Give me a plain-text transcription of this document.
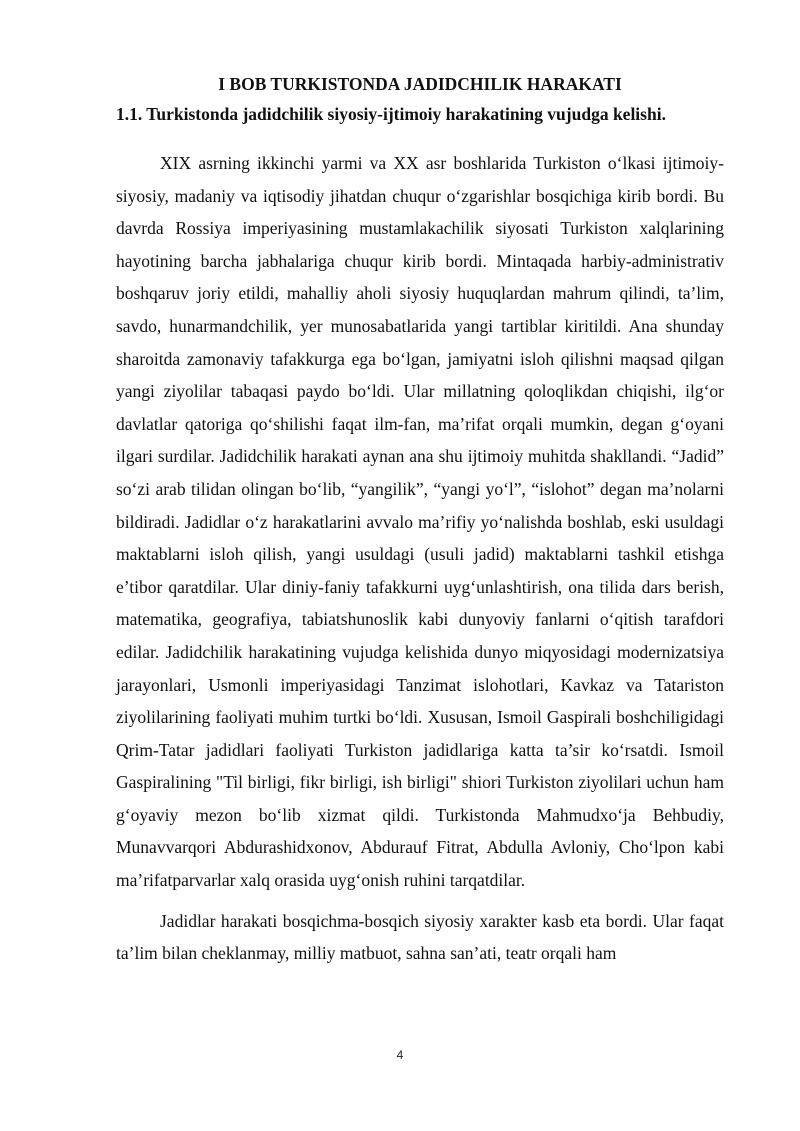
I BOB TURKISTONDA JADIDCHILIK HARAKATI
1.1. Turkistonda jadidchilik siyosiy-ijtimoiy harakatining vujudga kelishi.

XIX asrning ikkinchi yarmi va XX asr boshlarida Turkiston o‘lkasi ijtimoiy-siyosiy, madaniy va iqtisodiy jihatdan chuqur o‘zgarishlar bosqichiga kirib bordi. Bu davrda Rossiya imperiyasining mustamlakachilik siyosati Turkiston xalqlarining hayotining barcha jabhalariga chuqur kirib bordi. Mintaqada harbiy-administrativ boshqaruv joriy etildi, mahalliy aholi siyosiy huquqlardan mahrum qilindi, ta’lim, savdo, hunarmandchilik, yer munosabatlarida yangi tartiblar kiritildi. Ana shunday sharoitda zamonaviy tafakkurga ega bo‘lgan, jamiyatni isloh qilishni maqsad qilgan yangi ziyolilar tabaqasi paydo bo‘ldi. Ular millatning qoloqlikdan chiqishi, ilg‘or davlatlar qatoriga qo‘shilishi faqat ilm-fan, ma’rifat orqali mumkin, degan g‘oyani ilgari surdilar. Jadidchilik harakati aynan ana shu ijtimoiy muhitda shakllandi. “Jadid” so‘zi arab tilidan olingan bo‘lib, “yangilik”, “yangi yo‘l”, “islohot” degan ma’nolarni bildiradi. Jadidlar o‘z harakatlarini avvalo ma’rifiy yo‘nalishda boshlab, eski usuldagi maktablarni isloh qilish, yangi usuldagi (usuli jadid) maktablarni tashkil etishga e’tibor qaratdilar. Ular diniy-faniy tafakkurni uyg‘unlashtirish, ona tilida dars berish, matematika, geografiya, tabiatshunoslik kabi dunyoviy fanlarni o‘qitish tarafdori edilar. Jadidchilik harakatining vujudga kelishida dunyo miqyosidagi modernizatsiya jarayonlari, Usmonli imperiyasidagi Tanzimat islohotlari, Kavkaz va Tatariston ziyolilarining faoliyati muhim turtki bo‘ldi. Xususan, Ismoil Gaspirali boshchiligidagi Qrim-Tatar jadidlari faoliyati Turkiston jadidlariga katta ta’sir ko‘rsatdi. Ismoil Gaspiralining "Til birligi, fikr birligi, ish birligi" shiori Turkiston ziyolilari uchun ham g‘oyaviy mezon bo‘lib xizmat qildi. Turkistonda Mahmudxo‘ja Behbudiy, Munavvarqori Abdurashidxonov, Abdurauf Fitrat, Abdulla Avloniy, Cho‘lpon kabi ma’rifatparvarlar xalq orasida uyg‘onish ruhini tarqatdilar.

Jadidlar harakati bosqichma-bosqich siyosiy xarakter kasb eta bordi. Ular faqat ta’lim bilan cheklanmay, milliy matbuot, sahna san’ati, teatr orqali ham

4
